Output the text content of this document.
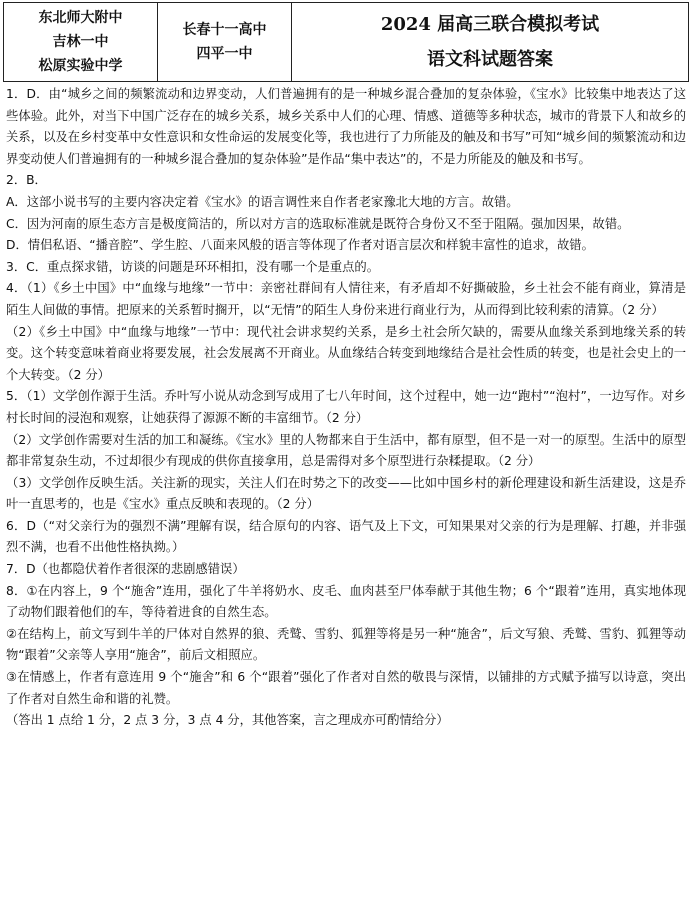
东北师大附中
吉林一中
松原实验中学

长春十一高中
四平一中

2024 届高三联合模拟考试
语文科试题答案

1．D．由“城乡之间的频繁流动和边界变动，人们普遍拥有的是一种城乡混合叠加的复杂体验，《宝水》比较集中地表达了这些体验。此外，对当下中国广泛存在的城乡关系，城乡关系中人们的心理、情感、道德等多种状态，城市的背景下人和故乡的关系，以及在乡村变革中女性意识和女性命运的发展变化等，我也进行了力所能及的触及和书写”可知“城乡间的频繁流动和边界变动使人们普遍拥有的一种城乡混合叠加的复杂体验”是作品“集中表达”的，不是力所能及的触及和书写。

2．B．

A．这部小说书写的主要内容决定着《宝水》的语言调性来自作者老家豫北大地的方言。故错。

C．因为河南的原生态方言是极度简洁的，所以对方言的选取标准就是既符合身份又不至于阻隔。强加因果，故错。

D．情侣私语、“播音腔”、学生腔、八面来风般的语言等体现了作者对语言层次和样貌丰富性的追求，故错。

3．C．重点探求错，访谈的问题是环环相扣，没有哪一个是重点的。

4．（1）《乡土中国》中“血缘与地缘”一节中：亲密社群间有人情往来，有矛盾却不好撕破脸，乡土社会不能有商业，算清是陌生人间做的事情。把原来的关系暂时搁开，以“无情”的陌生人身份来进行商业行为，从而得到比较利索的清算。（2 分）

（2）《乡土中国》中“血缘与地缘”一节中：现代社会讲求契约关系，是乡土社会所欠缺的，需要从血缘关系到地缘关系的转变。这个转变意味着商业将要发展，社会发展离不开商业。从血缘结合转变到地缘结合是社会性质的转变，也是社会史上的一个大转变。（2 分）

5．（1）文学创作源于生活。乔叶写小说从动念到写成用了七八年时间，这个过程中，她一边“跑村”“泡村”，一边写作。对乡村长时间的浸泡和观察，让她获得了源源不断的丰富细节。（2 分）

（2）文学创作需要对生活的加工和凝练。《宝水》里的人物都来自于生活中，都有原型，但不是一对一的原型。生活中的原型都非常复杂生动，不过却很少有现成的供你直接拿用，总是需得对多个原型进行杂糅提取。（2 分）

（3）文学创作反映生活。关注新的现实，关注人们在时势之下的改变——比如中国乡村的新伦理建设和新生活建设，这是乔叶一直思考的，也是《宝水》重点反映和表现的。（2 分）

6．D（“对父亲行为的强烈不满”理解有误，结合原句的内容、语气及上下文，可知果果对父亲的行为是理解、打趣，并非强烈不满，也看不出他性格执拗。）

7．D（也都隐伏着作者很深的悲剧感错误）

8．①在内容上，9 个“施舍”连用，强化了牛羊将奶水、皮毛、血肉甚至尸体奉献于其他生物；6 个“跟着”连用，真实地体现了动物们跟着他们的车，等待着进食的自然生态。

②在结构上，前文写到牛羊的尸体对自然界的狼、秃鹫、雪豹、狐狸等将是另一种“施舍”，后文写狼、秃鹫、雪豹、狐狸等动物“跟着”父亲等人享用“施舍”，前后文相照应。

③在情感上，作者有意连用 9 个“施舍”和 6 个“跟着”强化了作者对自然的敬畏与深情，以铺排的方式赋予描写以诗意，突出了作者对自然生命和谐的礼赞。

（答出 1 点给 1 分，2 点 3 分，3 点 4 分，其他答案，言之理成亦可酌情给分）
